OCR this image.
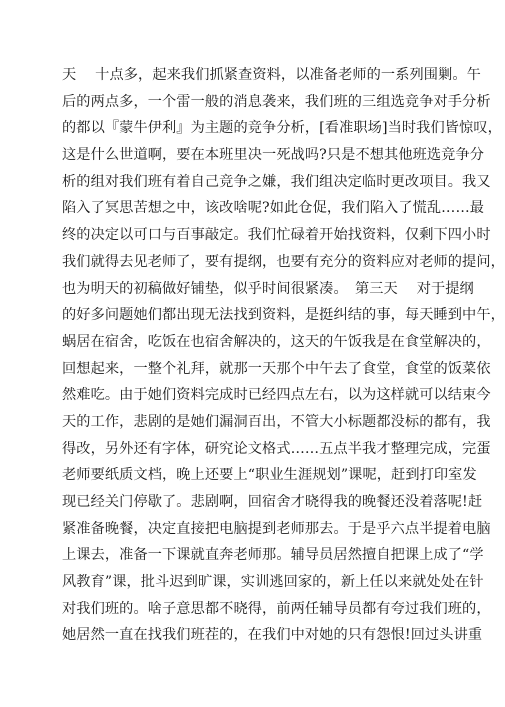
天　 十点多，起来我们抓紧查资料，以准备老师的一系列围剿。午
后的两点多，一个雷一般的消息袭来，我们班的三组选竞争对手分析
的都以『蒙牛伊利』为主题的竞争分析，[看准职场]当时我们皆惊叹，
这是什么世道啊，要在本班里决一死战吗?只是不想其他班选竞争分
析的组对我们班有着自己竞争之嫌，我们组决定临时更改项目。我又
陷入了冥思苦想之中，该改啥呢?如此仓促，我们陷入了慌乱……最
终的决定以可口与百事敲定。我们忙碌着开始找资料，仅剩下四小时
我们就得去见老师了，要有提纲，也要有充分的资料应对老师的提问，
也为明天的初稿做好铺垫，似乎时间很紧凑。　第三天　 对于提纲
的好多问题她们都出现无法找到资料，是挺纠结的事，每天睡到中午，
蜗居在宿舍，吃饭在也宿舍解决的，这天的午饭我是在食堂解决的，
回想起来，一整个礼拜，就那一天那个中午去了食堂，食堂的饭菜依
然难吃。由于她们资料完成时已经四点左右，以为这样就可以结束今
天的工作，悲剧的是她们漏洞百出，不管大小标题都没标的都有，我
得改，另外还有字体，研究论文格式……五点半我才整理完成，完蛋
老师要纸质文档，晚上还要上“职业生涯规划”课呢，赶到打印室发
现已经关门停歇了。悲剧啊，回宿舍才晓得我的晚餐还没着落呢!赶
紧准备晚餐，决定直接把电脑提到老师那去。于是乎六点半提着电脑
上课去，准备一下课就直奔老师那。辅导员居然擅自把课上成了“学
风教育”课，批斗迟到旷课，实训逃回家的，新上任以来就处处在针
对我们班的。啥子意思都不晓得，前两任辅导员都有夸过我们班的，
她居然一直在找我们班茬的，在我们中对她的只有怨恨!回过头讲重
